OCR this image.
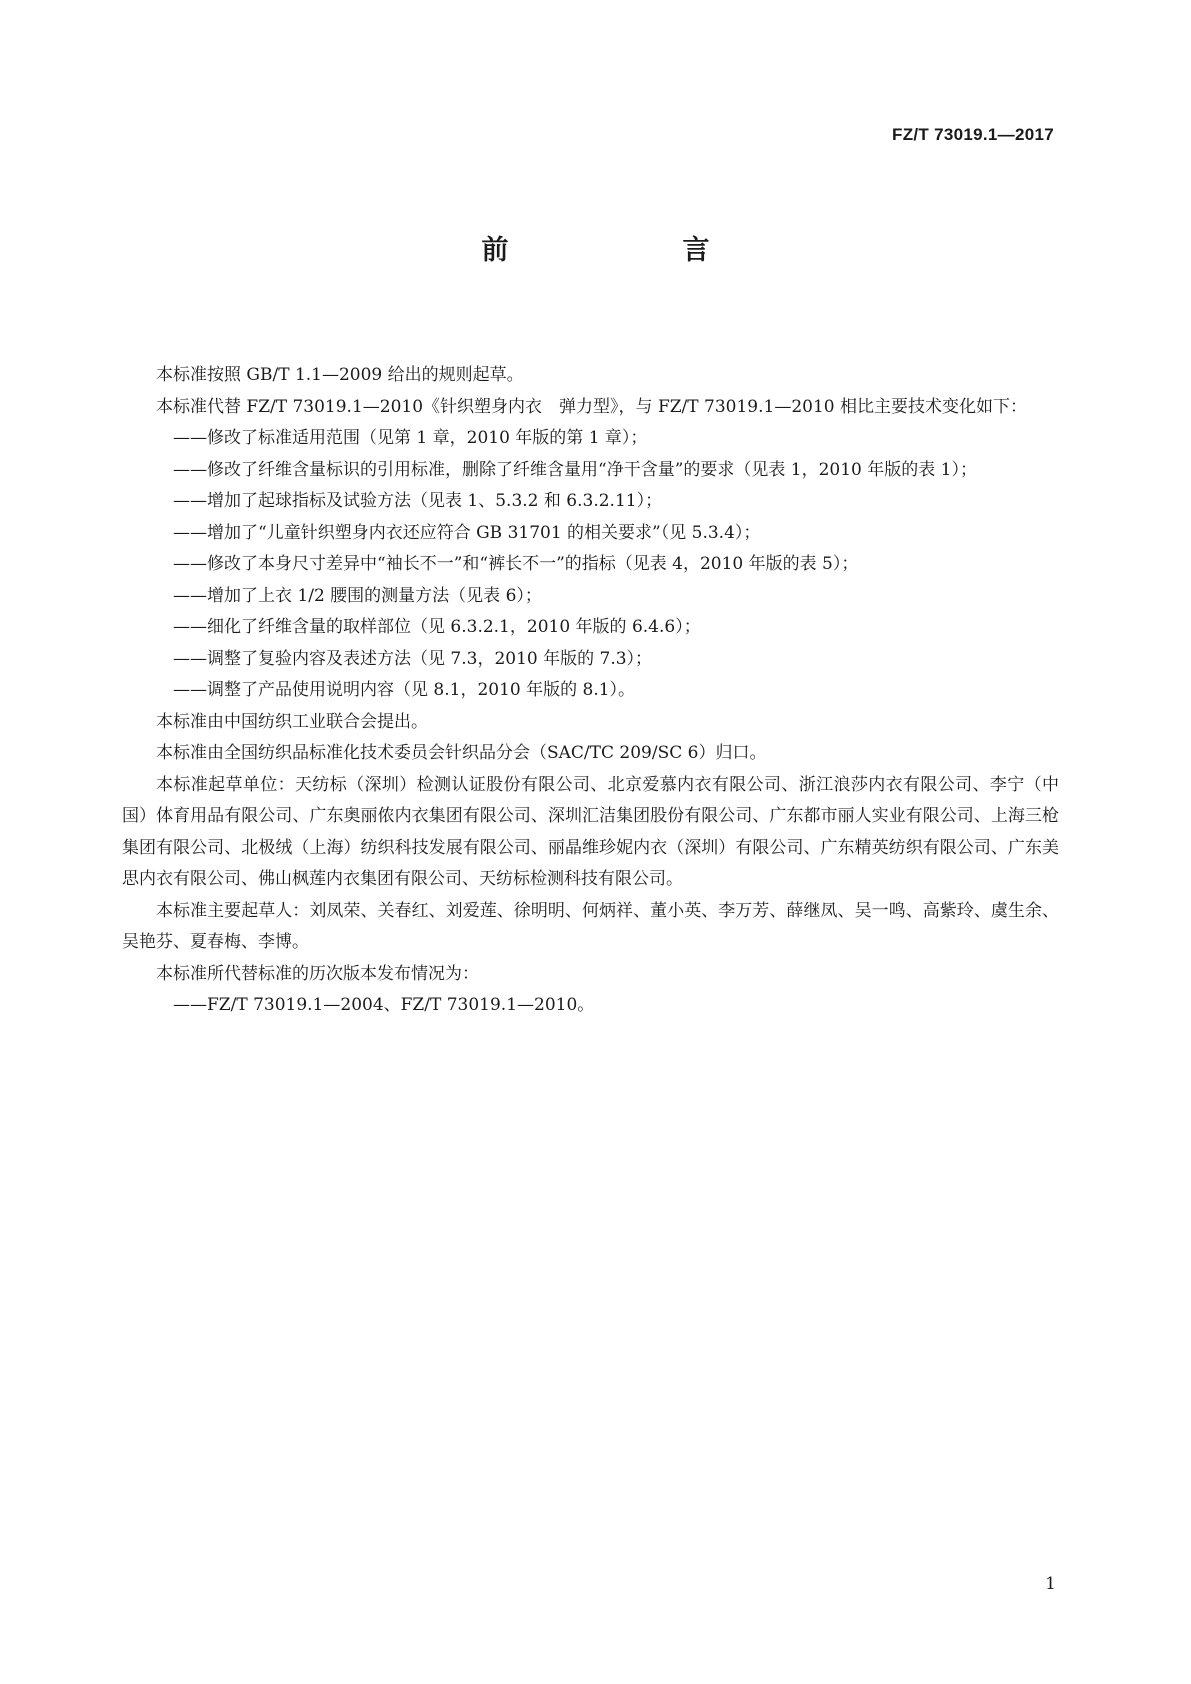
FZ/T 73019.1—2017
前　　言

本标准按照 GB/T 1.1—2009 给出的规则起草。

本标准代替 FZ/T 73019.1—2010《针织塑身内衣　弹力型》，与 FZ/T 73019.1—2010 相比主要技术变化如下：

——修改了标准适用范围（见第 1 章，2010 年版的第 1 章）；

——修改了纤维含量标识的引用标准，删除了纤维含量用“净干含量”的要求（见表 1，2010 年版的表 1）；

——增加了起球指标及试验方法（见表 1、5.3.2 和 6.3.2.11）；

——增加了“儿童针织塑身内衣还应符合 GB 31701 的相关要求”（见 5.3.4）；

——修改了本身尺寸差异中“袖长不一”和“裤长不一”的指标（见表 4，2010 年版的表 5）；

——增加了上衣 1/2 腰围的测量方法（见表 6）；

——细化了纤维含量的取样部位（见 6.3.2.1，2010 年版的 6.4.6）；

——调整了复验内容及表述方法（见 7.3，2010 年版的 7.3）；

——调整了产品使用说明内容（见 8.1，2010 年版的 8.1）。

本标准由中国纺织工业联合会提出。

本标准由全国纺织品标准化技术委员会针织品分会（SAC/TC 209/SC 6）归口。

本标准起草单位：天纺标（深圳）检测认证股份有限公司、北京爱慕内衣有限公司、浙江浪莎内衣有限公司、李宁（中国）体育用品有限公司、广东奥丽侬内衣集团有限公司、深圳汇洁集团股份有限公司、广东都市丽人实业有限公司、上海三枪集团有限公司、北极绒（上海）纺织科技发展有限公司、丽晶维珍妮内衣（深圳）有限公司、广东精英纺织有限公司、广东美思内衣有限公司、佛山枫莲内衣集团有限公司、天纺标检测科技有限公司。

本标准主要起草人：刘凤荣、关春红、刘爱莲、徐明明、何炳祥、董小英、李万芳、薛继凤、吴一鸣、高紫玲、虞生余、吴艳芬、夏春梅、李博。

本标准所代替标准的历次版本发布情况为：

——FZ/T 73019.1—2004、FZ/T 73019.1—2010。

1
